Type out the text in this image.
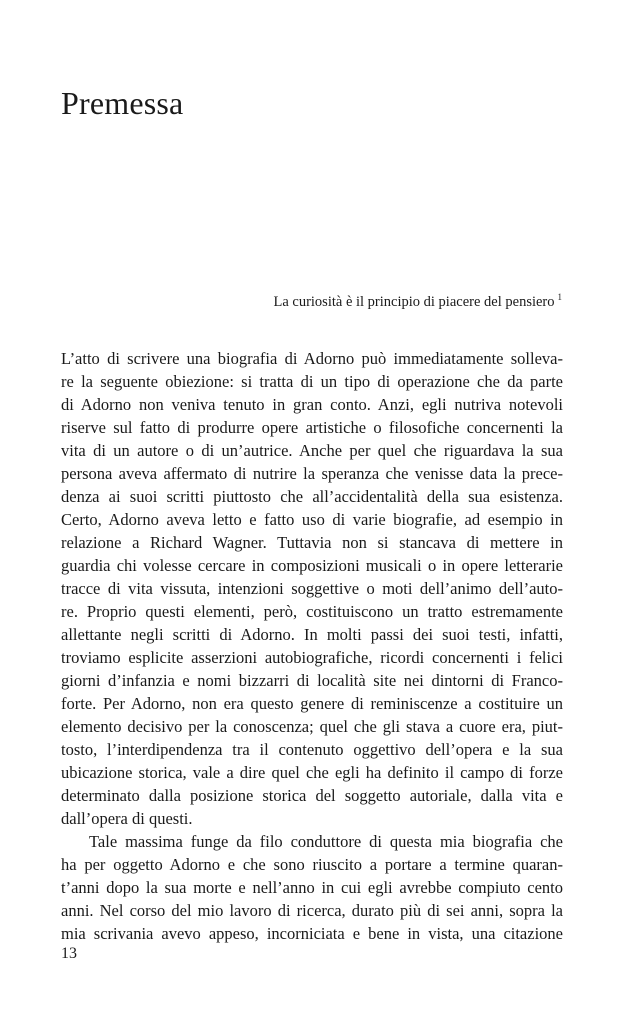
Premessa
La curiosità è il principio di piacere del pensiero $^1$
L’atto di scrivere una biografia di Adorno può immediatamente solleva-
re la seguente obiezione: si tratta di un tipo di operazione che da parte
di Adorno non veniva tenuto in gran conto. Anzi, egli nutriva notevoli
riserve sul fatto di produrre opere artistiche o filosofiche concernenti la
vita di un autore o di un’autrice. Anche per quel che riguardava la sua
persona aveva affermato di nutrire la speranza che venisse data la prece-
denza ai suoi scritti piuttosto che all’accidentalità della sua esistenza.
Certo, Adorno aveva letto e fatto uso di varie biografie, ad esempio in
relazione a Richard Wagner. Tuttavia non si stancava di mettere in
guardia chi volesse cercare in composizioni musicali o in opere letterarie
tracce di vita vissuta, intenzioni soggettive o moti dell’animo dell’auto-
re. Proprio questi elementi, però, costituiscono un tratto estremamente
allettante negli scritti di Adorno. In molti passi dei suoi testi, infatti,
troviamo esplicite asserzioni autobiografiche, ricordi concernenti i felici
giorni d’infanzia e nomi bizzarri di località site nei dintorni di Franco-
forte. Per Adorno, non era questo genere di reminiscenze a costituire un
elemento decisivo per la conoscenza; quel che gli stava a cuore era, piut-
tosto, l’interdipendenza tra il contenuto oggettivo dell’opera e la sua
ubicazione storica, vale a dire quel che egli ha definito il campo di forze
determinato dalla posizione storica del soggetto autoriale, dalla vita e
dall’opera di questi.
Tale massima funge da filo conduttore di questa mia biografia che
ha per oggetto Adorno e che sono riuscito a portare a termine quaran-
t’anni dopo la sua morte e nell’anno in cui egli avrebbe compiuto cento
anni. Nel corso del mio lavoro di ricerca, durato più di sei anni, sopra la
mia scrivania avevo appeso, incorniciata e bene in vista, una citazione
13
